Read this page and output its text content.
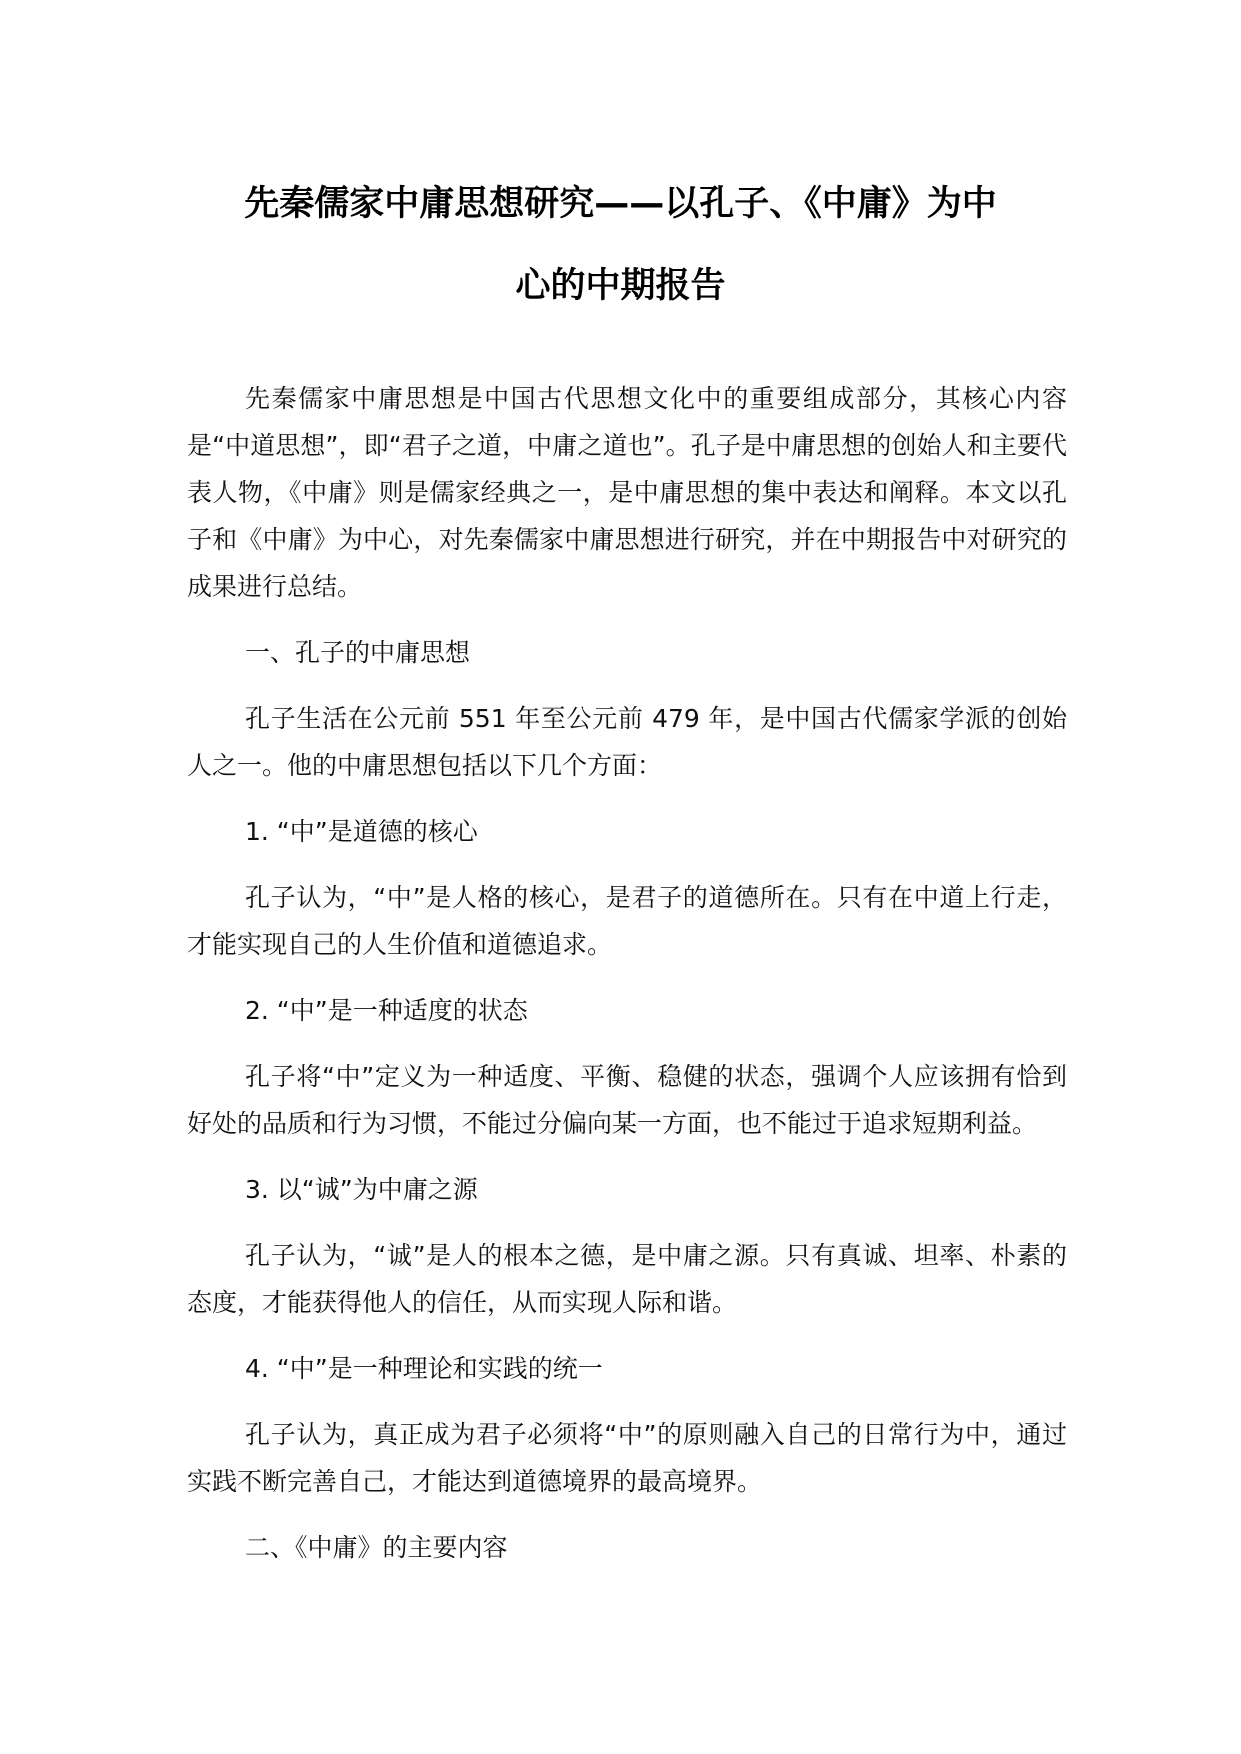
先秦儒家中庸思想研究——以孔子、《中庸》为中
心的中期报告

先秦儒家中庸思想是中国古代思想文化中的重要组成部分，其核心内容是“中道思想”，即“君子之道，中庸之道也”。孔子是中庸思想的创始人和主要代表人物，《中庸》则是儒家经典之一，是中庸思想的集中表达和阐释。本文以孔子和《中庸》为中心，对先秦儒家中庸思想进行研究，并在中期报告中对研究的成果进行总结。

一、孔子的中庸思想

孔子生活在公元前 551 年至公元前 479 年，是中国古代儒家学派的创始人之一。他的中庸思想包括以下几个方面：

1. “中”是道德的核心

孔子认为，“中”是人格的核心，是君子的道德所在。只有在中道上行走，才能实现自己的人生价值和道德追求。

2. “中”是一种适度的状态

孔子将“中”定义为一种适度、平衡、稳健的状态，强调个人应该拥有恰到好处的品质和行为习惯，不能过分偏向某一方面，也不能过于追求短期利益。

3. 以“诚”为中庸之源

孔子认为，“诚”是人的根本之德，是中庸之源。只有真诚、坦率、朴素的态度，才能获得他人的信任，从而实现人际和谐。

4. “中”是一种理论和实践的统一

孔子认为，真正成为君子必须将“中”的原则融入自己的日常行为中，通过实践不断完善自己，才能达到道德境界的最高境界。

二、《中庸》的主要内容
